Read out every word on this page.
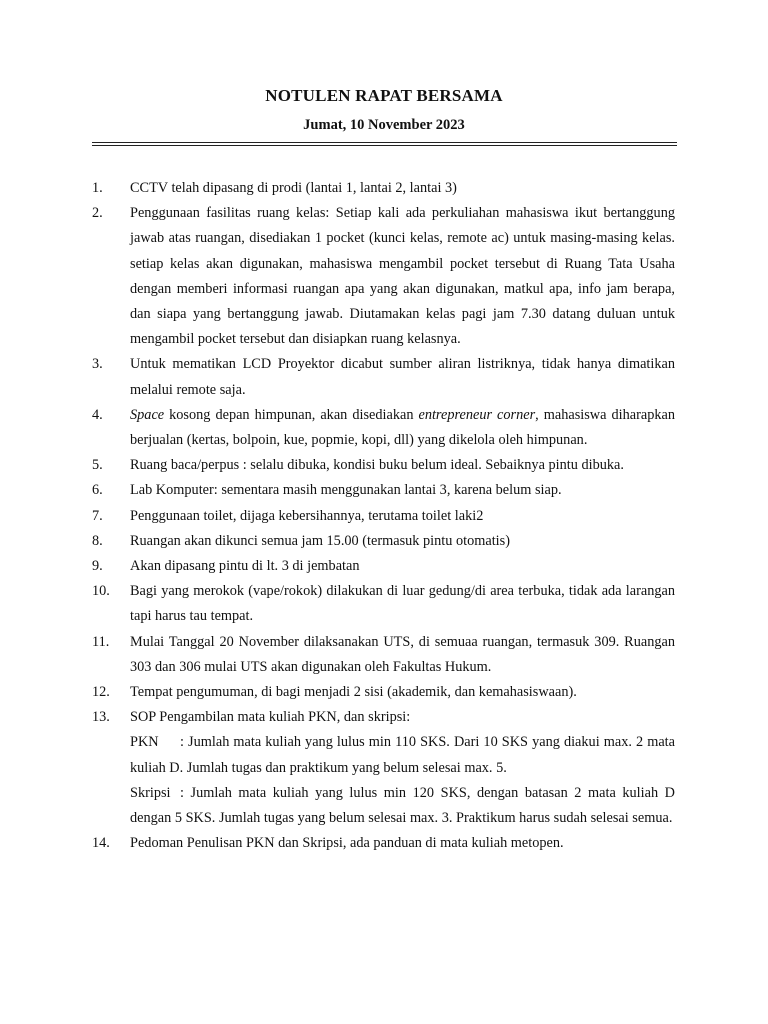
NOTULEN RAPAT BERSAMA
Jumat, 10 November 2023
1.	CCTV telah dipasang di prodi (lantai 1, lantai 2, lantai 3)
2.	Penggunaan fasilitas ruang kelas: Setiap kali ada perkuliahan mahasiswa ikut bertanggung jawab atas ruangan, disediakan 1 pocket (kunci kelas, remote ac) untuk masing-masing kelas. setiap kelas akan digunakan, mahasiswa mengambil pocket tersebut di Ruang Tata Usaha dengan memberi informasi ruangan apa yang akan digunakan, matkul apa, info jam berapa, dan siapa yang bertanggung jawab. Diutamakan kelas pagi jam 7.30 datang duluan untuk mengambil pocket tersebut dan disiapkan ruang kelasnya.
3.	Untuk mematikan LCD Proyektor dicabut sumber aliran listriknya, tidak hanya dimatikan melalui remote saja.
4.	Space kosong depan himpunan, akan disediakan entrepreneur corner, mahasiswa diharapkan berjualan (kertas, bolpoin, kue, popmie, kopi, dll) yang dikelola oleh himpunan.
5.	Ruang baca/perpus : selalu dibuka, kondisi buku belum ideal. Sebaiknya pintu dibuka.
6.	Lab Komputer: sementara masih menggunakan lantai 3, karena belum siap.
7.	Penggunaan toilet, dijaga kebersihannya, terutama toilet laki2
8.	Ruangan akan dikunci semua jam 15.00 (termasuk pintu otomatis)
9.	Akan dipasang pintu di lt. 3 di jembatan
10.	Bagi yang merokok (vape/rokok) dilakukan di luar gedung/di area terbuka, tidak ada larangan tapi harus tau tempat.
11.	Mulai Tanggal 20 November dilaksanakan UTS, di semuaa ruangan, termasuk 309. Ruangan 303 dan 306 mulai UTS akan digunakan oleh Fakultas Hukum.
12.	Tempat pengumuman, di bagi menjadi 2 sisi (akademik, dan kemahasiswaan).
13.	SOP Pengambilan mata kuliah PKN, dan skripsi:
PKN : Jumlah mata kuliah yang lulus min 110 SKS. Dari 10 SKS yang diakui max. 2 mata kuliah D. Jumlah tugas dan praktikum yang belum selesai max. 5.
Skripsi : Jumlah mata kuliah yang lulus min 120 SKS, dengan batasan 2 mata kuliah D dengan 5 SKS. Jumlah tugas yang belum selesai max. 3. Praktikum harus sudah selesai semua.
14.	Pedoman Penulisan PKN dan Skripsi, ada panduan di mata kuliah metopen.
